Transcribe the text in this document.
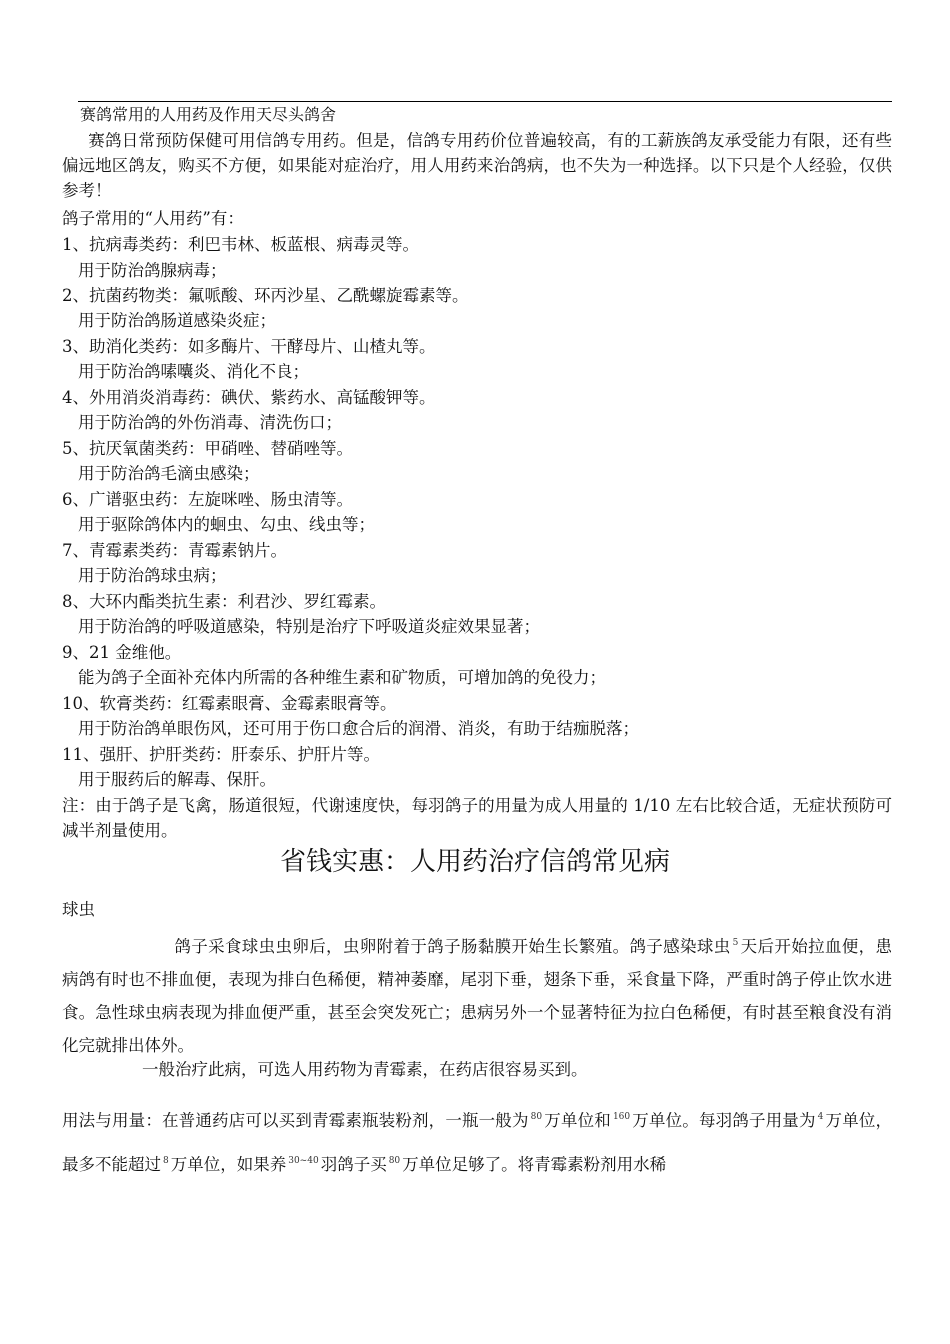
赛鸽常用的人用药及作用天尽头鸽舍
赛鸽日常预防保健可用信鸽专用药。但是，信鸽专用药价位普遍较高，有的工薪族鸽友承受能力有限，还有些偏远地区鸽友，购买不方便，如果能对症治疗，用人用药来治鸽病，也不失为一种选择。以下只是个人经验，仅供参考！
鸽子常用的“人用药”有：
1、抗病毒类药：利巴韦林、板蓝根、病毒灵等。
用于防治鸽腺病毒；
2、抗菌药物类：氟哌酸、环丙沙星、乙酰螺旋霉素等。
用于防治鸽肠道感染炎症；
3、助消化类药：如多酶片、干酵母片、山楂丸等。
用于防治鸽嗉囔炎、消化不良；
4、外用消炎消毒药：碘伏、紫药水、高锰酸钾等。
用于防治鸽的外伤消毒、清洗伤口；
5、抗厌氧菌类药：甲硝唑、替硝唑等。
用于防治鸽毛滴虫感染；
6、广谱驱虫药：左旋咪唑、肠虫清等。
用于驱除鸽体内的蛔虫、勾虫、线虫等；
7、青霉素类药：青霉素钠片。
用于防治鸽球虫病；
8、大环内酯类抗生素：利君沙、罗红霉素。
用于防治鸽的呼吸道感染，特别是治疗下呼吸道炎症效果显著；
9、21 金维他。
能为鸽子全面补充体内所需的各种维生素和矿物质，可增加鸽的免役力；
10、软膏类药：红霉素眼膏、金霉素眼膏等。
用于防治鸽单眼伤风，还可用于伤口愈合后的润滑、消炎，有助于结痂脱落；
11、强肝、护肝类药：肝泰乐、护肝片等。
用于服药后的解毒、保肝。
注：由于鸽子是飞禽，肠道很短，代谢速度快，每羽鸽子的用量为成人用量的 1/10 左右比较合适，无症状预防可减半剂量使用。
省钱实惠：人用药治疗信鸽常见病
球虫
鸽子采食球虫虫卵后，虫卵附着于鸽子肠黏膜开始生长繁殖。鸽子感染球虫 $^5$ 天后开始拉血便，患病鸽有时也不排血便，表现为排白色稀便，精神萎靡，尾羽下垂，翅条下垂，采食量下降，严重时鸽子停止饮水进食。急性球虫病表现为排血便严重，甚至会突发死亡；患病另外一个显著特征为拉白色稀便，有时甚至粮食没有消化完就排出体外。
一般治疗此病，可选人用药物为青霉素，在药店很容易买到。
用法与用量：在普通药店可以买到青霉素瓶装粉剂，一瓶一般为 $^{80}$ 万单位和 $^{160}$ 万单位。每羽鸽子用量为 $^4$ 万单位，最多不能超过 $^8$ 万单位，如果养 $^{30\sim 40}$ 羽鸽子买 $^{80}$ 万单位足够了。将青霉素粉剂用水稀
